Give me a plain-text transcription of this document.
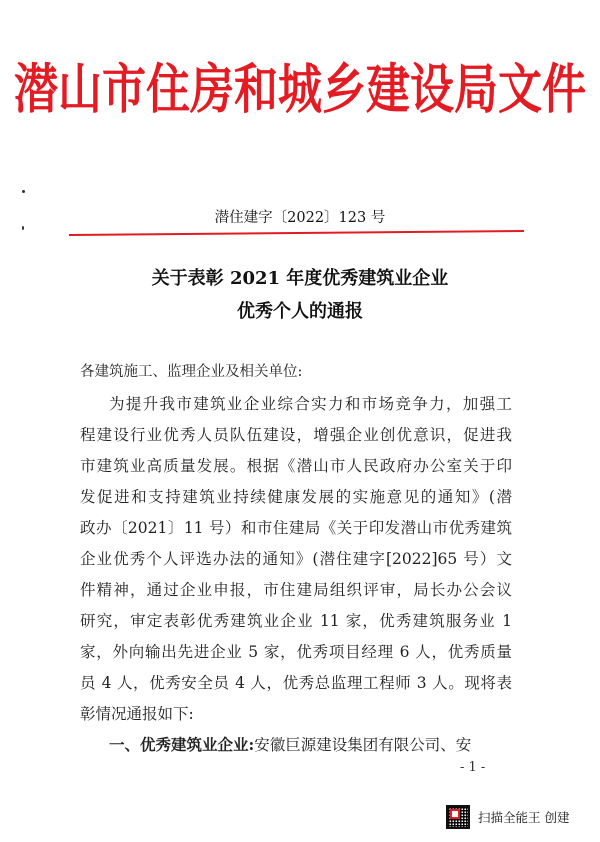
潜山市住房和城乡建设局文件
潜住建字〔2022〕123 号
关于表彰 2021 年度优秀建筑业企业
优秀个人的通报
各建筑施工、监理企业及相关单位:
为提升我市建筑业企业综合实力和市场竞争力，加强工
程建设行业优秀人员队伍建设，增强企业创优意识，促进我
市建筑业高质量发展。根据《潜山市人民政府办公室关于印
发促进和支持建筑业持续健康发展的实施意见的通知》(潜
政办〔2021〕11 号）和市住建局《关于印发潜山市优秀建筑
企业优秀个人评选办法的通知》(潜住建字[2022]65 号）文
件精神，通过企业申报，市住建局组织评审，局长办公会议
研究，审定表彰优秀建筑业企业 11 家，优秀建筑服务业 1
家，外向输出先进企业 5 家，优秀项目经理 6 人，优秀质量
员 4 人，优秀安全员 4 人，优秀总监理工程师 3 人。现将表
彰情况通报如下:
一、优秀建筑业企业:安徽巨源建设集团有限公司、安
- 1 -
扫描全能王 创建
